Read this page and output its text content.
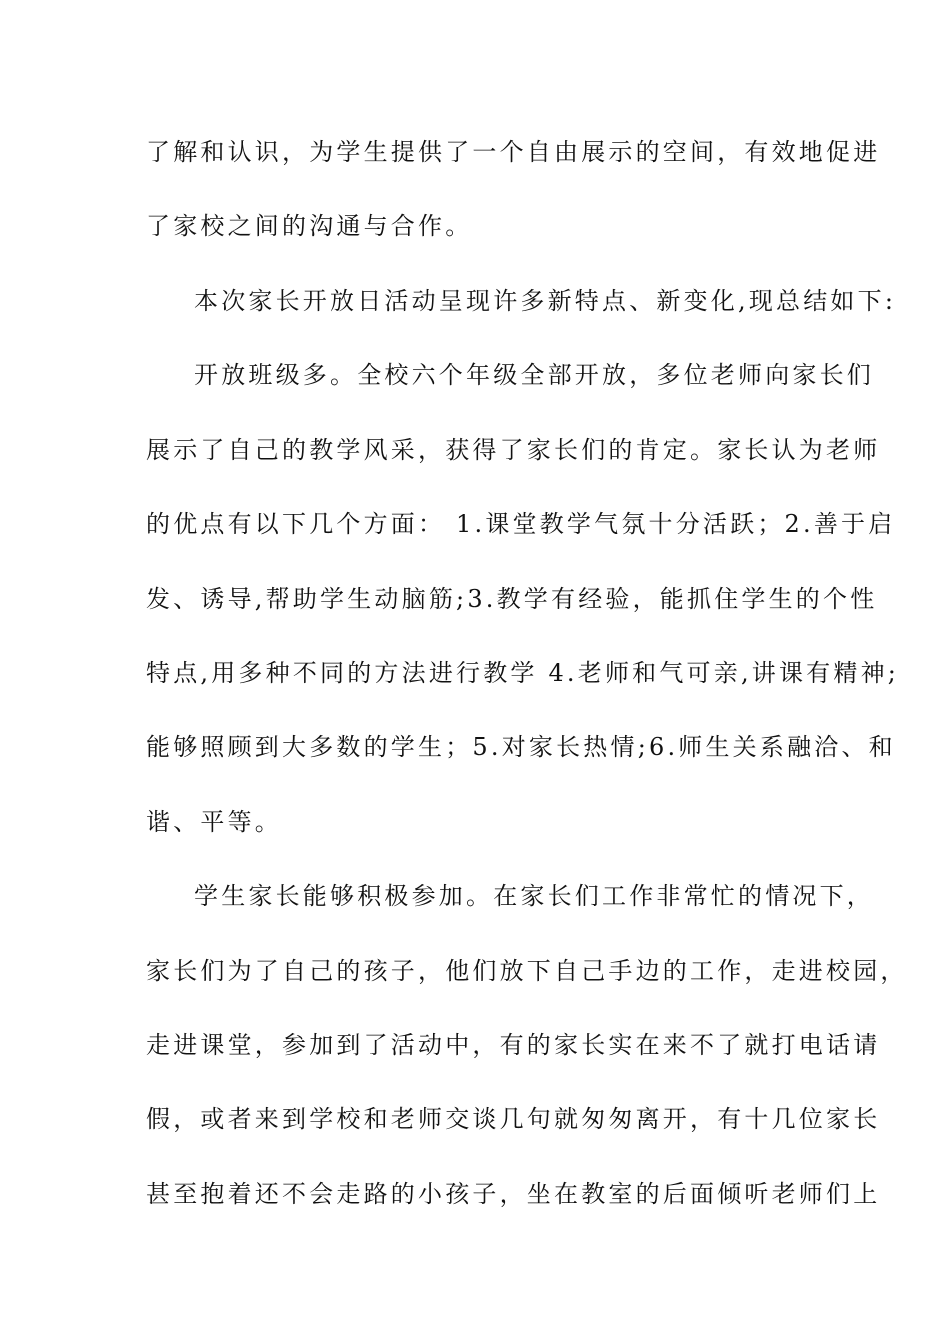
了解和认识，为学生提供了一个自由展示的空间，有效地促进
了家校之间的沟通与合作。
本次家长开放日活动呈现许多新特点、新变化,现总结如下:
开放班级多。全校六个年级全部开放，多位老师向家长们
展示了自己的教学风采，获得了家长们的肯定。家长认为老师
的优点有以下几个方面： 1.课堂教学气氛十分活跃；2.善于启
发、诱导,帮助学生动脑筋;3.教学有经验，能抓住学生的个性
特点,用多种不同的方法进行教学 4.老师和气可亲,讲课有精神;
能够照顾到大多数的学生；5.对家长热情;6.师生关系融洽、和
谐、平等。
学生家长能够积极参加。在家长们工作非常忙的情况下，
家长们为了自己的孩子，他们放下自己手边的工作，走进校园，
走进课堂，参加到了活动中，有的家长实在来不了就打电话请
假，或者来到学校和老师交谈几句就匆匆离开，有十几位家长
甚至抱着还不会走路的小孩子，坐在教室的后面倾听老师们上
